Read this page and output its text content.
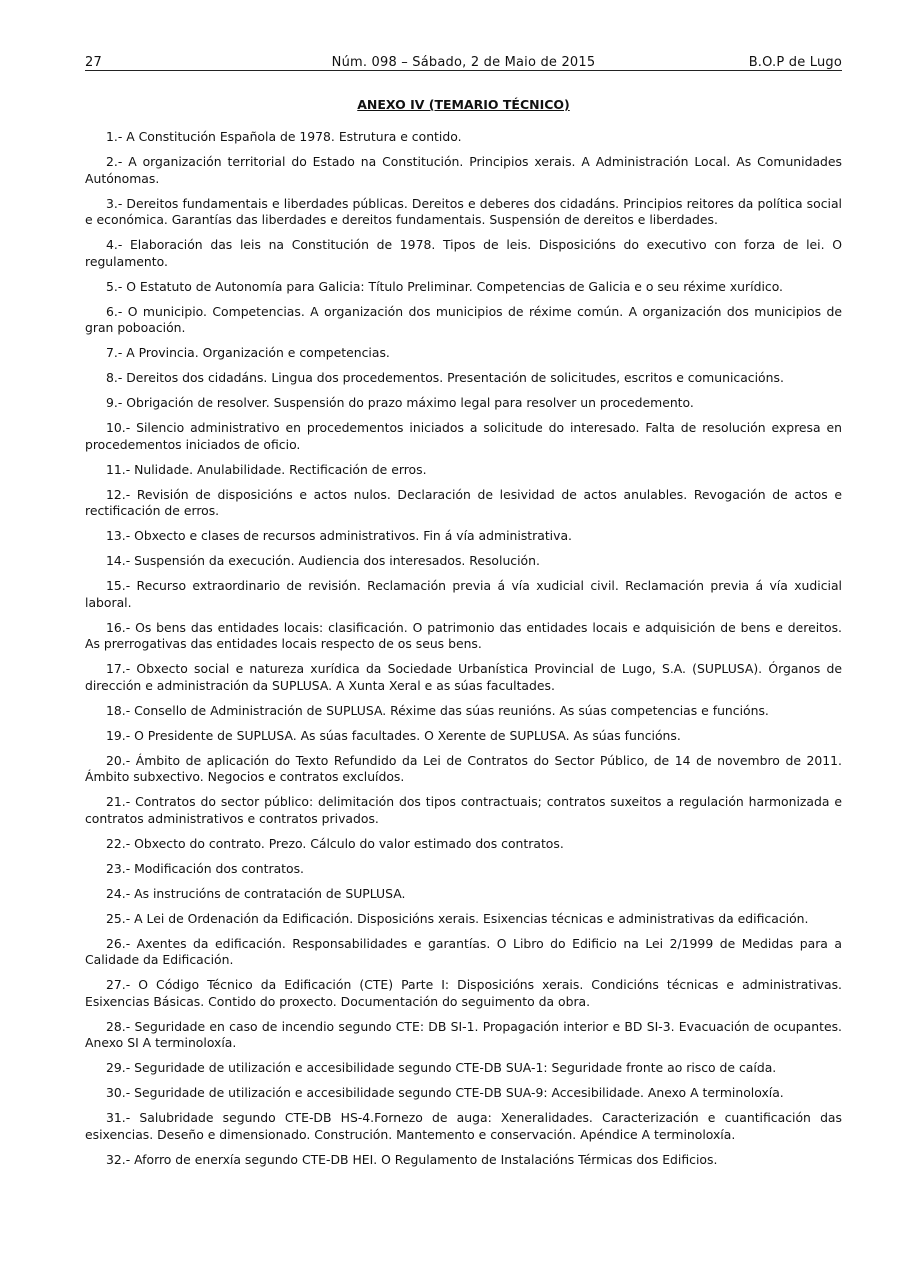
27	Núm. 098 – Sábado, 2 de Maio de 2015	B.O.P de Lugo
ANEXO IV (TEMARIO TÉCNICO)

1.- A Constitución Española de 1978. Estrutura e contido.

2.- A organización territorial do Estado na Constitución. Principios xerais. A Administración Local. As Comunidades Autónomas.

3.- Dereitos fundamentais e liberdades públicas. Dereitos e deberes dos cidadáns. Principios reitores da política social e económica. Garantías das liberdades e dereitos fundamentais. Suspensión de dereitos e liberdades.

4.- Elaboración das leis na Constitución de 1978. Tipos de leis. Disposicións do executivo con forza de lei. O regulamento.

5.- O Estatuto de Autonomía para Galicia: Título Preliminar. Competencias de Galicia e o seu réxime xurídico.

6.- O municipio. Competencias. A organización dos municipios de réxime común. A organización dos municipios de gran poboación.

7.- A Provincia. Organización e competencias.

8.- Dereitos dos cidadáns. Lingua dos procedementos. Presentación de solicitudes, escritos e comunicacións.

9.- Obrigación de resolver. Suspensión do prazo máximo legal para resolver un procedemento.

10.- Silencio administrativo en procedementos iniciados a solicitude do interesado. Falta de resolución expresa en procedementos iniciados de oficio.

11.- Nulidade. Anulabilidade. Rectificación de erros.

12.- Revisión de disposicións e actos nulos. Declaración de lesividad de actos anulables. Revogación de actos e rectificación de erros.

13.- Obxecto e clases de recursos administrativos. Fin á vía administrativa.

14.- Suspensión da execución. Audiencia dos interesados. Resolución.

15.- Recurso extraordinario de revisión. Reclamación previa á vía xudicial civil. Reclamación previa á vía xudicial laboral.

16.- Os bens das entidades locais: clasificación. O patrimonio das entidades locais e adquisición de bens e dereitos. As prerrogativas das entidades locais respecto de os seus bens.

17.- Obxecto social e natureza xurídica da Sociedade Urbanística Provincial de Lugo, S.A. (SUPLUSA). Órganos de dirección e administración da SUPLUSA. A Xunta Xeral e as súas facultades.

18.- Consello de Administración de SUPLUSA. Réxime das súas reunións. As súas competencias e funcións.

19.- O Presidente de SUPLUSA. As súas facultades. O Xerente de SUPLUSA. As súas funcións.

20.- Ámbito de aplicación do Texto Refundido da Lei de Contratos do Sector Público, de 14 de novembro de 2011. Ámbito subxectivo. Negocios e contratos excluídos.

21.- Contratos do sector público: delimitación dos tipos contractuais; contratos suxeitos a regulación harmonizada e contratos administrativos e contratos privados.

22.- Obxecto do contrato. Prezo. Cálculo do valor estimado dos contratos.

23.- Modificación dos contratos.

24.- As instrucións de contratación de SUPLUSA.

25.- A Lei de Ordenación da Edificación. Disposicións xerais. Esixencias técnicas e administrativas da edificación.

26.- Axentes da edificación. Responsabilidades e garantías. O Libro do Edificio na Lei 2/1999 de Medidas para a Calidade da Edificación.

27.- O Código Técnico da Edificación (CTE) Parte I: Disposicións xerais. Condicións técnicas e administrativas. Esixencias Básicas. Contido do proxecto. Documentación do seguimento da obra.

28.- Seguridade en caso de incendio segundo CTE: DB SI-1. Propagación interior e BD SI-3. Evacuación de ocupantes. Anexo SI A terminoloxía.

29.- Seguridade de utilización e accesibilidade segundo CTE-DB SUA-1: Seguridade fronte ao risco de caída.

30.- Seguridade de utilización e accesibilidade segundo CTE-DB SUA-9: Accesibilidade. Anexo A terminoloxía.

31.- Salubridade segundo CTE-DB HS-4.Fornezo de auga: Xeneralidades. Caracterización e cuantificación das esixencias. Deseño e dimensionado. Construción. Mantemento e conservación. Apéndice A terminoloxía.

32.- Aforro de enerxía segundo CTE-DB HEI. O Regulamento de Instalacións Térmicas dos Edificios.
